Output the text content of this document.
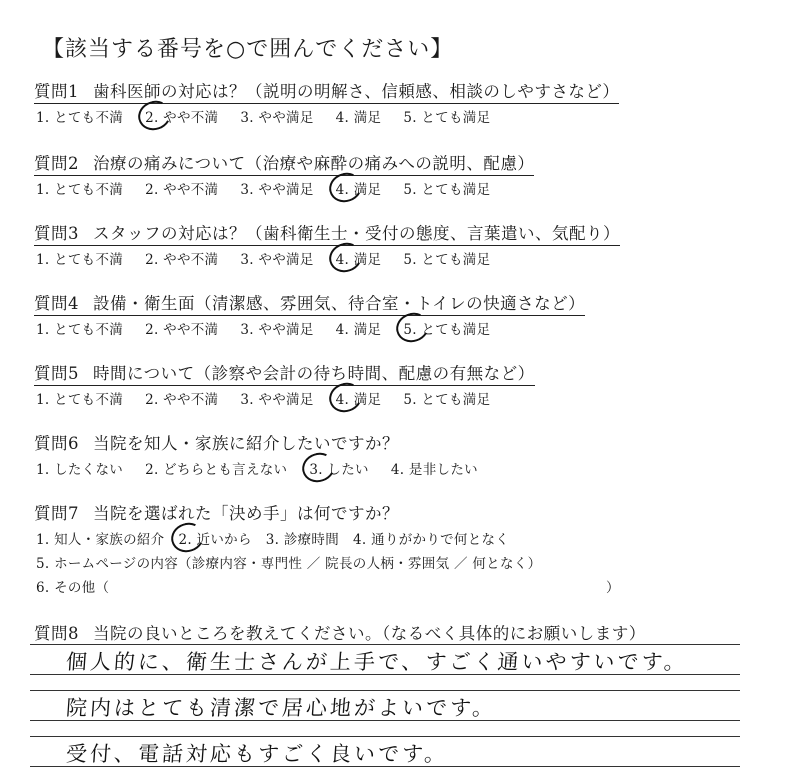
【該当する番号を○で囲んでください】
質問1 歯科医師の対応は？（説明の明解さ、信頼感、相談のしやすさなど）
1. とても不満 2. やや不満 3. やや満足 4. 満足 5. とても満足
質問2 治療の痛みについて（治療や麻酔の痛みへの説明、配慮）
1. とても不満 2. やや不満 3. やや満足 4. 満足 5. とても満足
質問3 スタッフの対応は？（歯科衛生士・受付の態度、言葉遣い、気配り）
1. とても不満 2. やや不満 3. やや満足 4. 満足 5. とても満足
質問4 設備・衛生面（清潔感、雰囲気、待合室・トイレの快適さなど）
1. とても不満 2. やや不満 3. やや満足 4. 満足 5. とても満足
質問5 時間について（診察や会計の待ち時間、配慮の有無など）
1. とても不満 2. やや不満 3. やや満足 4. 満足 5. とても満足
質問6 当院を知人・家族に紹介したいですか？
1. したくない 2. どちらとも言えない 3. したい 4. 是非したい
質問7 当院を選ばれた「決め手」は何ですか？
1. 知人・家族の紹介 2. 近いから 3. 診療時間 4. 通りがかりで何となく
5. ホームページの内容（診療内容・専門性 ／ 院長の人柄・雰囲気 ／ 何となく）
6. その他（	）
質問8 当院の良いところを教えてください。（なるべく具体的にお願いします）
個人的に、衛生士さんが上手で、すごく通いやすいです。
院内はとても清潔で居心地がよいです。
受付、電話対応もすごく良いです。
